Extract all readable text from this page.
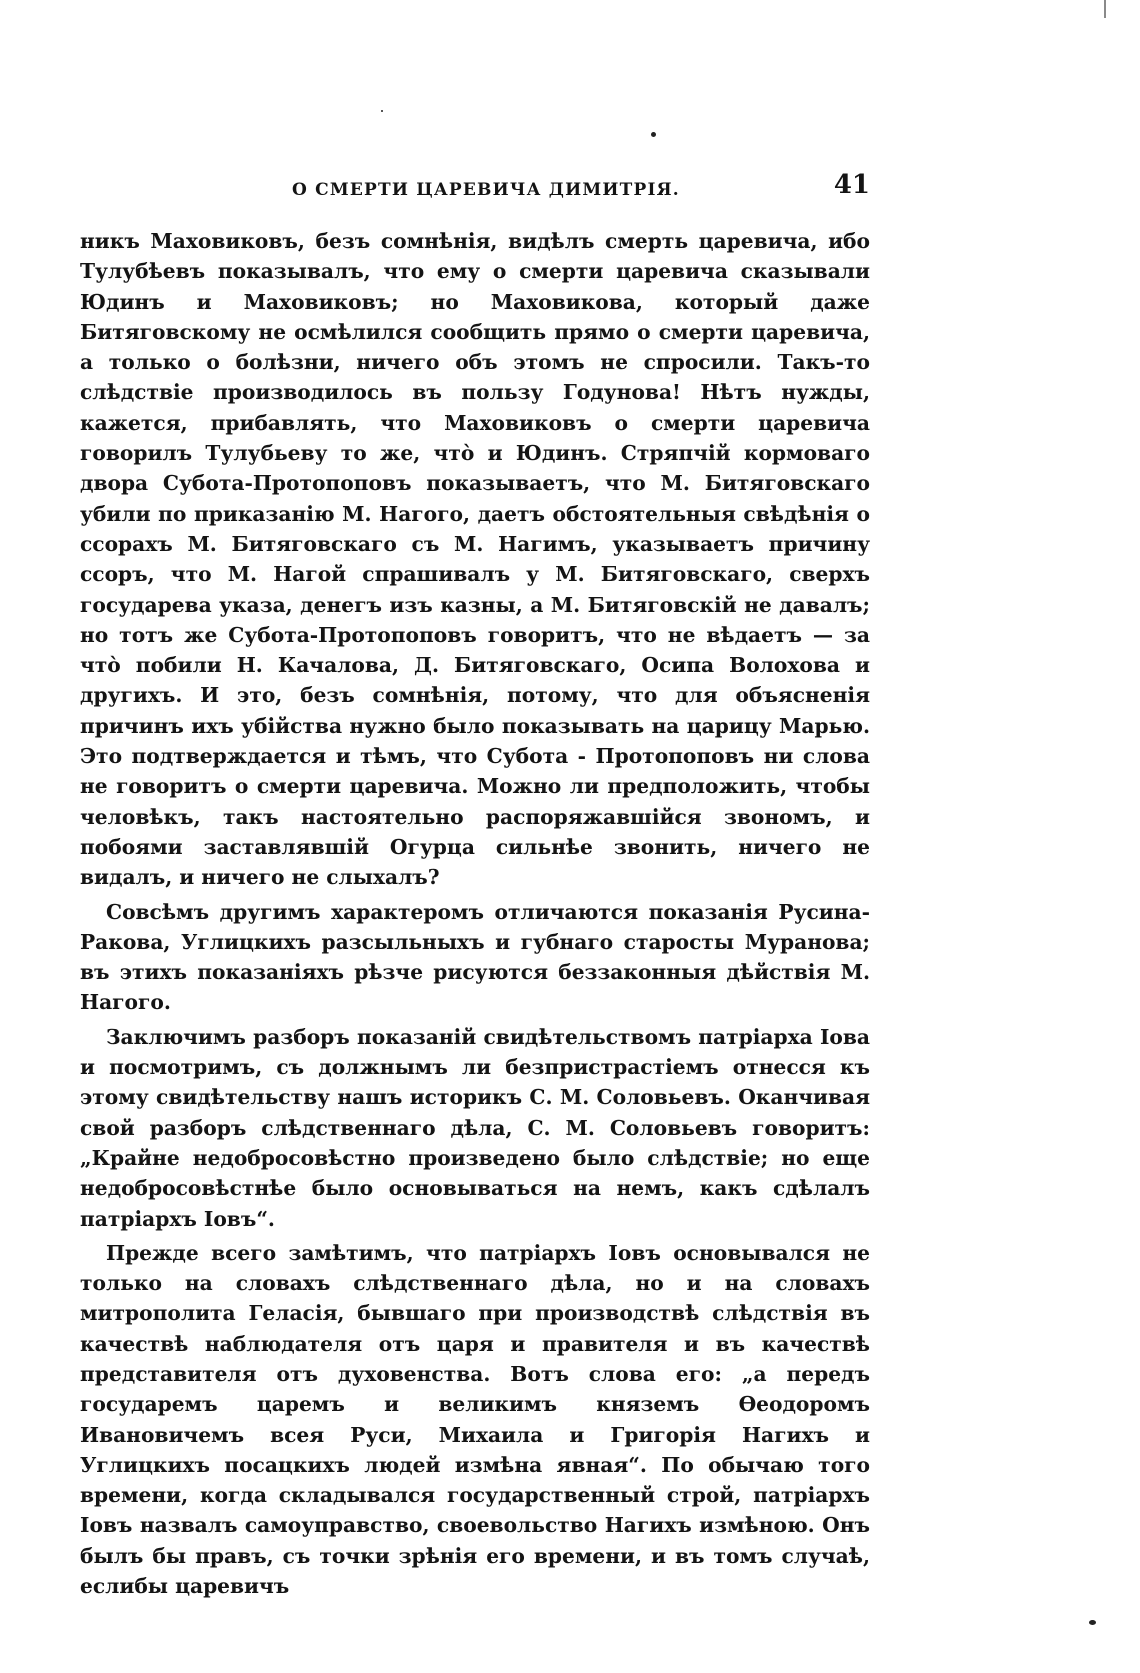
О СМЕРТИ ЦАРЕВИЧА ДИМИТРІЯ.	41

никъ Маховиковъ, безъ сомнѣнія, видѣлъ смерть царевича, ибо Тулубѣевъ показывалъ, что ему о смерти царевича сказывали Юдинъ и Маховиковъ; но Маховикова, который даже Битяговскому не осмѣлился сообщить прямо о смерти царевича, а только о болѣзни, ничего объ этомъ не спросили. Такъ-то слѣдствіе производилось въ пользу Годунова! Нѣтъ нужды, кажется, прибавлять, что Маховиковъ о смерти царевича говорилъ Тулубьеву то же, что̀ и Юдинъ. Стряпчій кормоваго двора Субота-Протопоповъ показываетъ, что М. Битяговскаго убили по приказанію М. Нагого, даетъ обстоятельныя свѣдѣнія о ссорахъ М. Битяговскаго съ М. Нагимъ, указываетъ причину ссоръ, что М. Нагой спрашивалъ у М. Битяговскаго, сверхъ государева указа, денегъ изъ казны, а М. Битяговскій не давалъ; но тотъ же Субота-Протопоповъ говоритъ, что не вѣдаетъ — за что̀ побили Н. Качалова, Д. Битяговскаго, Осипа Волохова и другихъ. И это, безъ сомнѣнія, потому, что для объясненія причинъ ихъ убійства нужно было показывать на царицу Марью. Это подтверждается и тѣмъ, что Субота - Протопоповъ ни слова не говоритъ о смерти царевича. Можно ли предположить, чтобы человѣкъ, такъ настоятельно распоряжавшійся звономъ, и побоями заставлявшій Огурца сильнѣе звонить, ничего не видалъ, и ничего не слыхалъ?

Совсѣмъ другимъ характеромъ отличаются показанія Русина-Ракова, Углицкихъ разсыльныхъ и губнаго старосты Муранова; въ этихъ показаніяхъ рѣзче рисуются беззаконныя дѣйствія М. Нагого.

Заключимъ разборъ показаній свидѣтельствомъ патріарха Іова и посмотримъ, съ должнымъ ли безпристрастіемъ отнесся къ этому свидѣтельству нашъ историкъ С. М. Соловьевъ. Оканчивая свой разборъ слѣдственнаго дѣла, С. М. Соловьевъ говоритъ: „Крайне недобросовѣстно произведено было слѣдствіе; но еще недобросовѣстнѣе было основываться на немъ, какъ сдѣлалъ патріархъ Іовъ“.

Прежде всего замѣтимъ, что патріархъ Іовъ основывался не только на словахъ слѣдственнаго дѣла, но и на словахъ митрополита Геласія, бывшаго при производствѣ слѣдствія въ качествѣ наблюдателя отъ царя и правителя и въ качествѣ представителя отъ духовенства. Вотъ слова его: „а передъ государемъ царемъ и великимъ княземъ Ѳеодоромъ Ивановичемъ всея Руси, Михаила и Григорія Нагихъ и Углицкихъ посацкихъ людей измѣна явная“. По обычаю того времени, когда складывался государственный строй, патріархъ Іовъ назвалъ самоуправство, своевольство Нагихъ измѣною. Онъ былъ бы правъ, съ точки зрѣнія его времени, и въ томъ случаѣ, еслибы царевичъ
